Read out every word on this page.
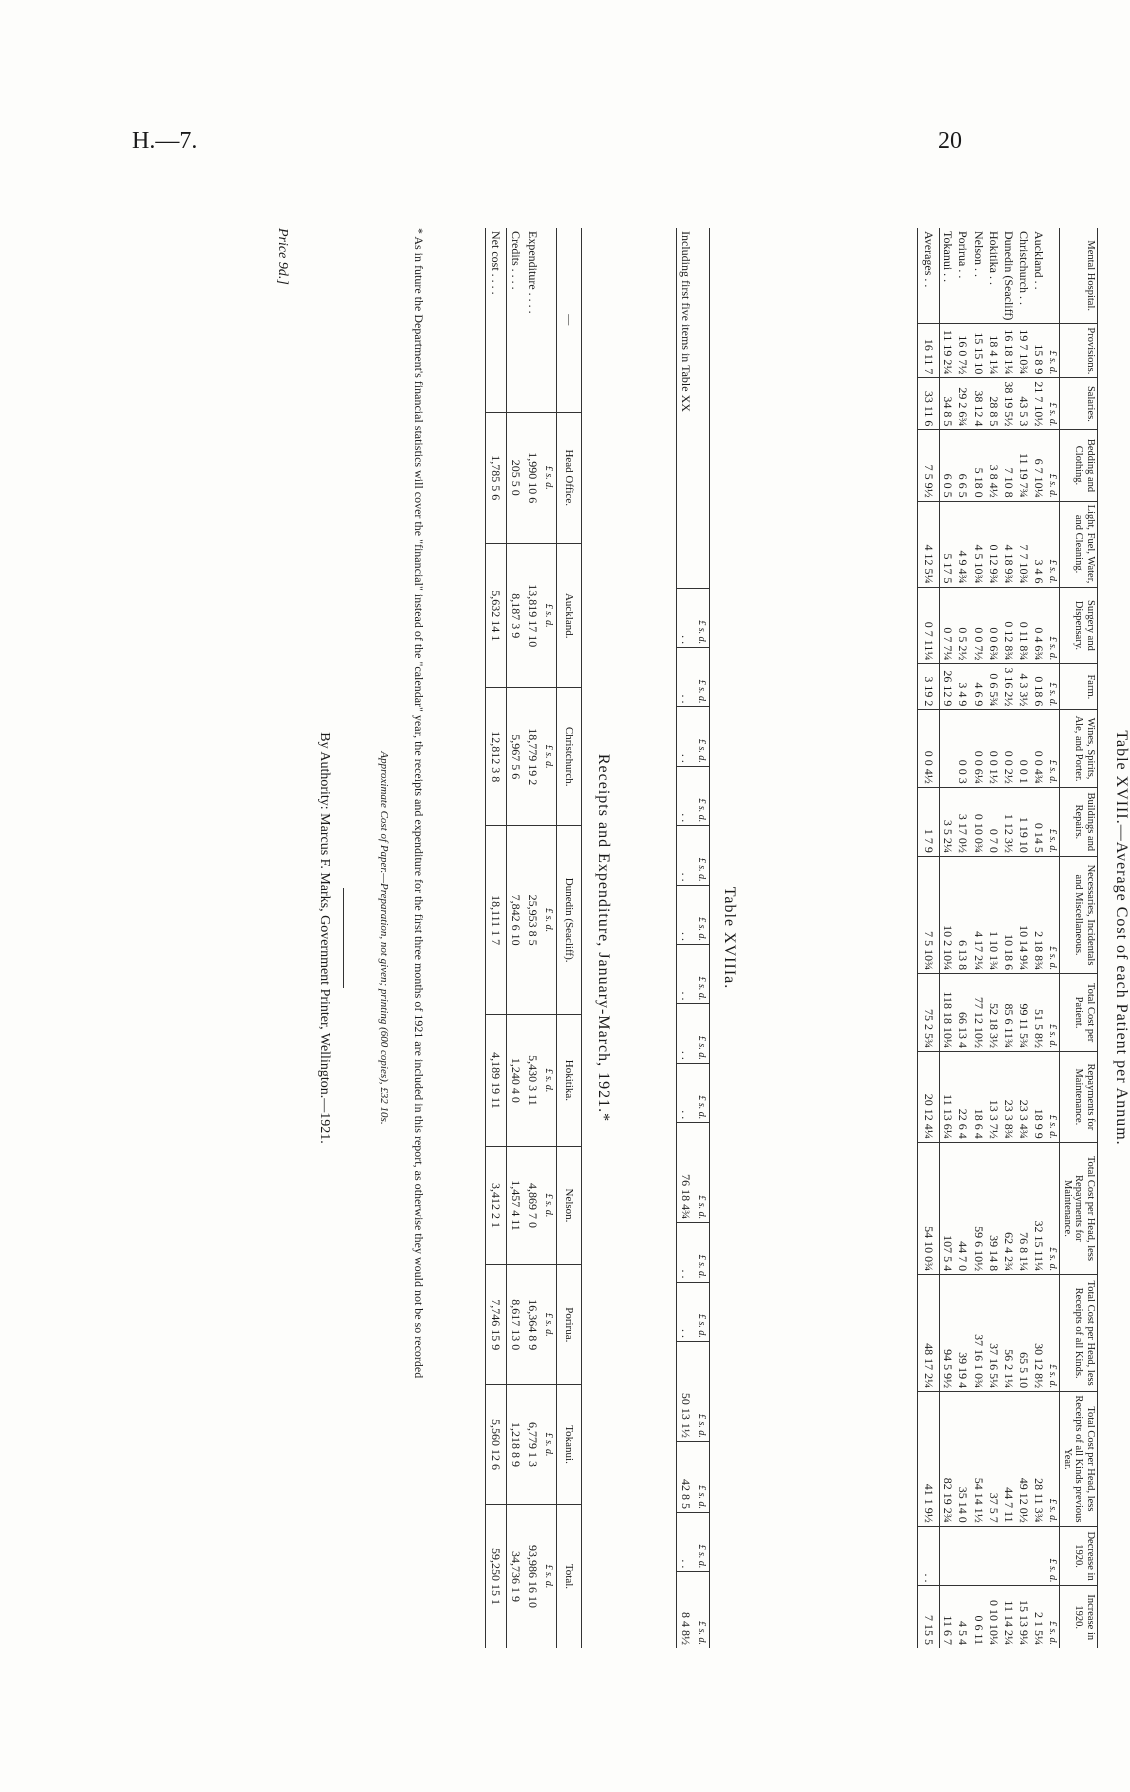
H.—7.	20
Table XVIII.—Average Cost of each Patient per Annum.
Mental Hospital.	Provisions.	Salaries.	Bedding and Clothing.	Light, Fuel, Water, and Cleaning.	Surgery and Dispensary.	Farm.	Wines, Spirits, Ale, and Porter.	Buildings and Repairs.	Necessaries, Incidentals and Miscellaneous.	Total Cost per Patient.	Repayments for Maintenance.	Total Cost per Head, less Repayments for Maintenance.	Total Cost per Head, less Receipts of all Kinds.	Total Cost per Head, less Receipts of all Kinds previous Year.	Decrease in 1920.	Increase in 1920.
	£ s. d.	£ s. d.	£ s. d.	£ s. d.	£ s. d.	£ s. d.	£ s. d.	£ s. d.	£ s. d.	£ s. d.	£ s. d.	£ s. d.	£ s. d.	£ s. d.	£ s. d.	£ s. d.
Auckland . .	15 8 9	21 7 10½	6 7 10¼	3 4 6	0 4 6¾	0 18 6	0 0 4¾	0 14 5	2 18 8¾	51 5 8½	18 9 9	32 15 11¼	30 12 8½	28 11 3¾		2 1 5¼
Christchurch . .	19 7 10¾	43 5 3	11 19 7¾	7 7 10¾	0 11 8¾	4 3 3½	0 0 1	1 19 10	10 14 9¼	99 11 5¾	23 3 4¾	76 8 1¼	65 5 10	49 12 0½		15 13 9¼
Dunedin (Seacliff)	16 18 1¼	38 19 5½	7 10 8	4 18 9¾	0 12 8¾	3 16 2½	0 0 2½	1 12 3½	10 18 6	85 6 11¾	23 3 8¾	62 4 2¾	56 2 1¼	44 7 11		11 14 2¼
Hokitika . .	18 4 1¼	28 8 5	3 8 4½	0 12 9¾	0 0 6¾	0 6 5¾	0 0 1½	0 7 0	1 10 1¾	52 18 3½	13 3 7½	39 14 8	37 16 5¼	37 5 7		0 10 10¼
Nelson . .	15 15 10	38 12 4	5 18 0	4 5 10¾	0 0 7½	4 6 9	0 0 6¼	0 10 0¾	4 17 2¼	77 12 10½	18 6 4	59 6 10½	37 16 1 0¾	54 14 1½		0 6 11
Porirua . .	16 0 7½	29 2 6¾	6 6 5	4 9 4¾	0 5 2½	3 4 9	0 0 3	3 17 0½	6 13 8	66 13 4	22 6 4	44 7 0	39 19 4	35 14 0		4 5 4
Tokanui . .	11 19 2¼	34 8 5	6 0 5	5 17 5	0 7 7¼	26 12 9		3 5 2¼	10 2 10¼	118 18 10¼	11 13 6¼	107 5 4	94 5 9½	82 19 2¾		11 6 7
Averages . .	16 11 7	33 11 6	7 5 9½	4 12 5¼	0 7 11¼	3 19 2	0 0 4½	1 7 9	7 5 10¾	75 2 5¾	20 12 4¼	54 10 0¾	48 17 2¼	41 1 9½	. .	7 15 5
Table XVIIIa.
	£ s. d.	£ s. d.	£ s. d.	£ s. d.	£ s. d.	£ s. d.	£ s. d.	£ s. d.	£ s. d.	£ s. d.	£ s. d.	£ s. d.	£ s. d.	£ s. d.	£ s. d.	£ s. d.
Including first five items in Table XX	. .	. .	. .	. .	. .	. .	. .	. .	. .	76 18 4¾	. .	. .	50 13 1½	42 8 5	. .	8 4 8½
Receipts and Expenditure, January-March, 1921.*
—	Head Office.	Auckland.	Christchurch.	Dunedin (Seacliff).	Hokitika.	Nelson.	Porirua.	Tokanui.	Total.
	£ s. d.	£ s. d.	£ s. d.	£ s. d.	£ s. d.	£ s. d.	£ s. d.	£ s. d.	£ s. d.
Expenditure . . . .	1,990 10 6	13,819 17 10	18,779 19 2	25,953 8 5	5,430 3 11	4,869 7 0	16,364 8 9	6,779 1 3	93,986 16 10
Credits . . . .	205 5 0	8,187 3 9	5,967 5 6	7,842 6 10	1,240 4 0	1,457 4 11	8,617 13 0	1,218 8 9	34,736 1 9
Net cost . . . .	1,785 5 6	5,632 14 1	12,812 3 8	18,111 1 7	4,189 19 11	3,412 2 1	7,746 15 9	5,560 12 6	59,250 15 1
* As in future the Department's financial statistics will cover the "financial" instead of the "calendar" year, the receipts and expenditure for the first three months of 1921 are included in this report, as otherwise they would not be so recorded
Approximate Cost of Paper.—Preparation, not given; printing (600 copies), £32 10s.
By Authority: Marcus F. Marks, Government Printer, Wellington.—1921.
Price 9d.]
